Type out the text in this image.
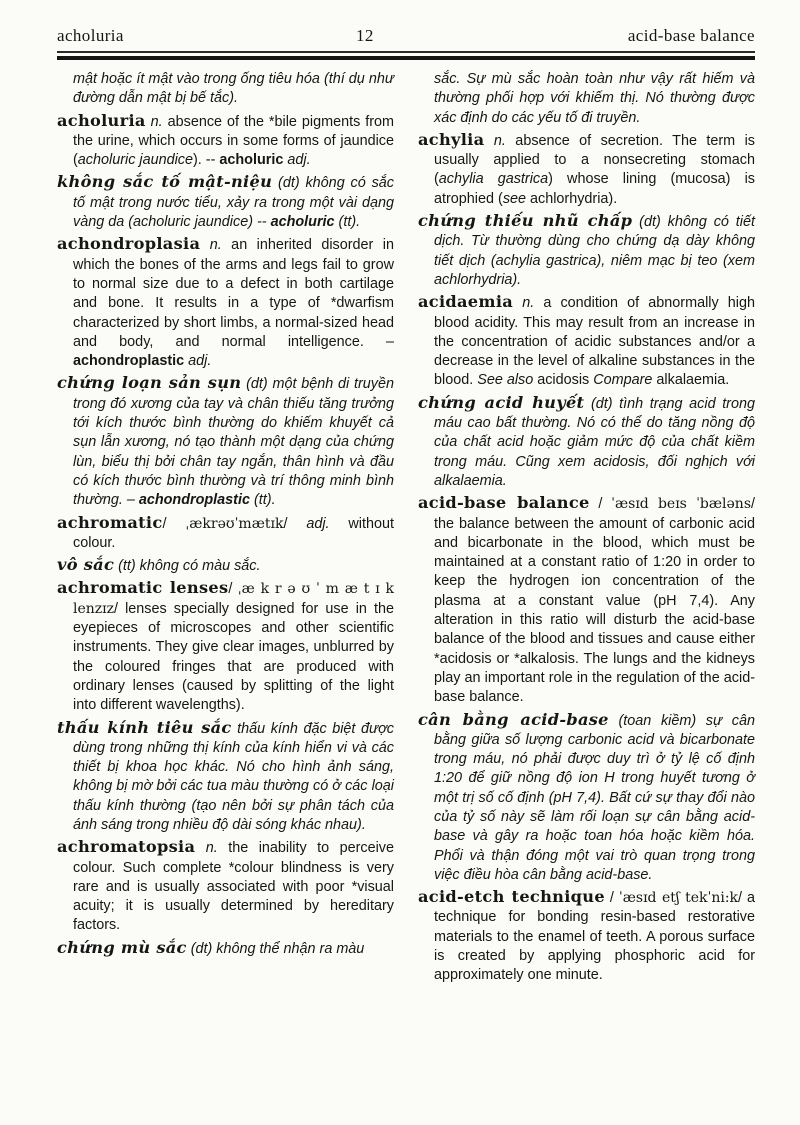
acholuria	12	acid-base balance

mật hoặc ít mật vào trong ống tiêu hóa (thí dụ như đường dẫn mật bị bế tắc).

acholuria n. absence of the *bile pigments from the urine, which occurs in some forms of jaundice (acholuric jaundice). -- acholuric adj.

không sắc tố mật-niệu (dt) không có sắc tố mật trong nước tiểu, xảy ra trong một vài dạng vàng da (acholuric jaundice) -- acholuric (tt).

achondroplasia n. an inherited disorder in which the bones of the arms and legs fail to grow to normal size due to a defect in both cartilage and bone. It results in a type of *dwarfism characterized by short limbs, a normal-sized head and body, and normal intelligence. – achondroplastic adj.

chứng loạn sản sụn (dt) một bệnh di truyền trong đó xương của tay và chân thiếu tăng trưởng tới kích thước bình thường do khiếm khuyết cả sụn lẫn xương, nó tạo thành một dạng của chứng lùn, biểu thị bởi chân tay ngắn, thân hình và đầu có kích thước bình thường và trí thông minh bình thường. – achondroplastic (tt).

achromatic/ ˌækrəʊˈmætɪk/ adj. without colour.

vô sắc (tt) không có màu sắc.

achromatic lenses/ ˌæ k r ə ʊ ˈ m æ t ɪ k lenzɪz/ lenses specially designed for use in the eyepieces of microscopes and other scientific instruments. They give clear images, unblurred by the coloured fringes that are produced with ordinary lenses (caused by splitting of the light into different wavelengths).

thấu kính tiêu sắc thấu kính đặc biệt được dùng trong những thị kính của kính hiển vi và các thiết bị khoa học khác. Nó cho hình ảnh sáng, không bị mờ bởi các tua màu thường có ở các loại thấu kính thường (tạo nên bởi sự phân tách của ánh sáng trong nhiều độ dài sóng khác nhau).

achromatopsia n. the inability to perceive colour. Such complete *colour blindness is very rare and is usually associated with poor *visual acuity; it is usually determined by hereditary factors.

chứng mù sắc (dt) không thể nhận ra màu

sắc. Sự mù sắc hoàn toàn như vậy rất hiếm và thường phối hợp với khiếm thị. Nó thường được xác định do các yếu tố đi truyền.

achylia n. absence of secretion. The term is usually applied to a nonsecreting stomach (achylia gastrica) whose lining (mucosa) is atrophied (see achlorhydria).

chứng thiếu nhũ chấp (dt) không có tiết dịch. Từ thường dùng cho chứng dạ dày không tiết dịch (achylia gastrica), niêm mạc bị teo (xem achlorhydria).

acidaemia n. a condition of abnormally high blood acidity. This may result from an increase in the concentration of acidic substances and/or a decrease in the level of alkaline substances in the blood. See also acidosis Compare alkalaemia.

chứng acid huyết (dt) tình trạng acid trong máu cao bất thường. Nó có thể do tăng nồng độ của chất acid hoặc giảm mức độ của chất kiềm trong máu. Cũng xem acidosis, đối nghịch với alkalaemia.

acid-base balance / ˈæsɪd beɪs ˈbæləns/ the balance between the amount of carbonic acid and bicarbonate in the blood, which must be maintained at a constant ratio of 1:20 in order to keep the hydrogen ion concentration of the plasma at a constant value (pH 7,4). Any alteration in this ratio will disturb the acid-base balance of the blood and tissues and cause either *acidosis or *alkalosis. The lungs and the kidneys play an important role in the regulation of the acid-base balance.

cân bằng acid-base (toan kiềm) sự cân bằng giữa số lượng carbonic acid và bicarbonate trong máu, nó phải được duy trì ở tỷ lệ cố định 1:20 để giữ nồng độ ion H trong huyết tương ở một trị số cố định (pH 7,4). Bất cứ sự thay đổi nào của tỷ số này sẽ làm rối loạn sự cân bằng acid-base và gây ra hoặc toan hóa hoặc kiềm hóa. Phổi và thận đóng một vai trò quan trọng trong việc điều hòa cân bằng acid-base.

acid-etch technique / ˈæsɪd etʃ tekˈni:k/ a technique for bonding resin-based restorative materials to the enamel of teeth. A porous surface is created by applying phosphoric acid for approximately one minute.
